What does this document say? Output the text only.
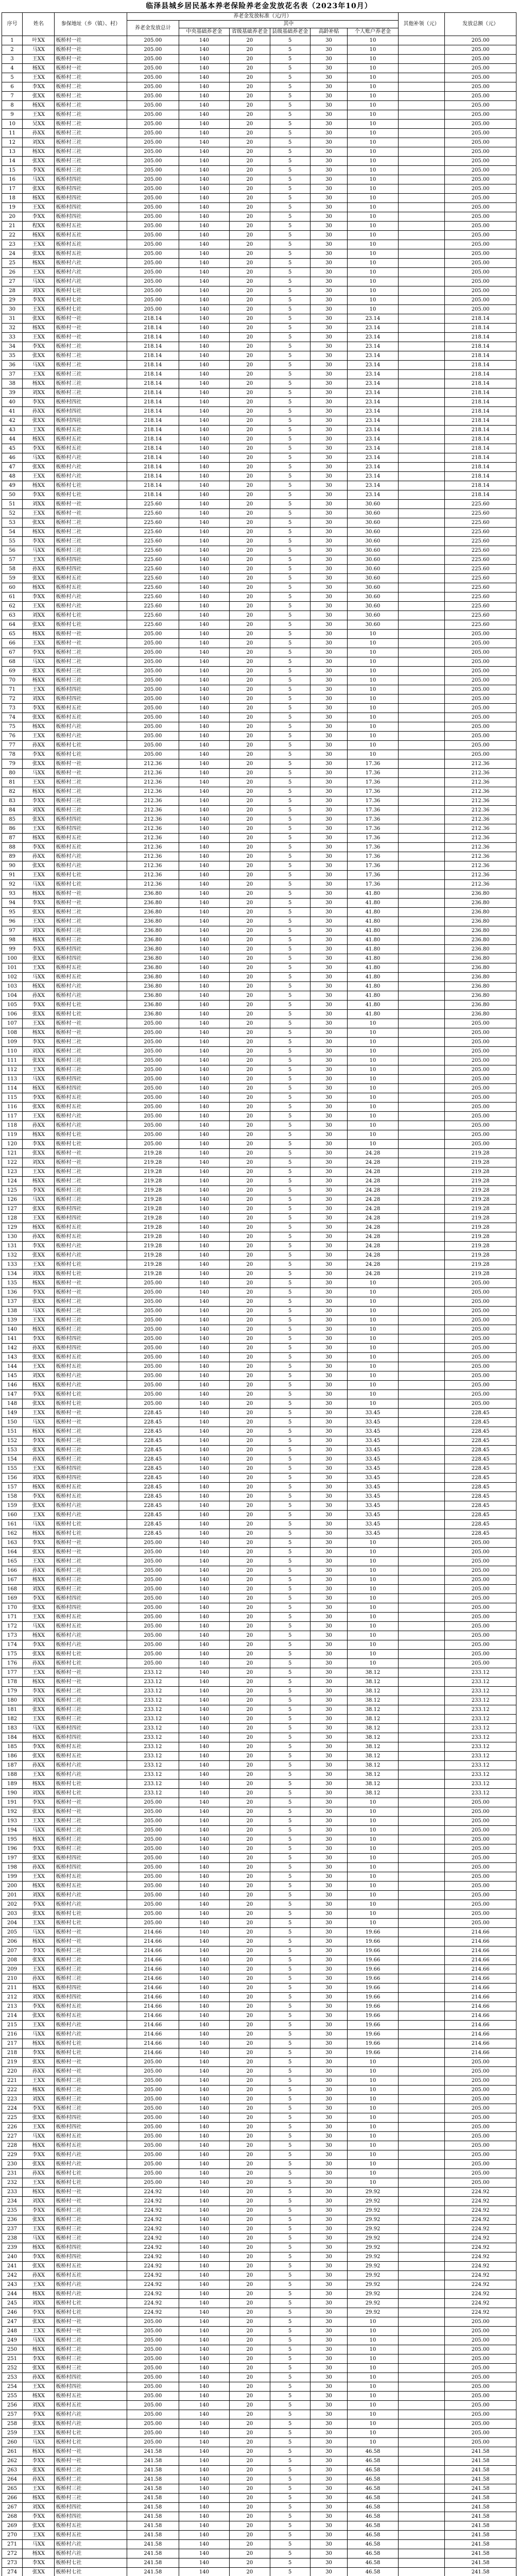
临泽县城乡居民基本养老保险养老金发放花名表（2023年10月）
序号	姓名	参保地址（乡（镇）、村）	养老金发放标准（元/月）						其他补领（元）	发放总额（元）
			养老金发放总计	其中						
				中央基础养老金	省级基础养老金	县级基础养老金	高龄补贴	个人账户养老金		
1	叶XX	板桥村一社	205.00	140	20	5	30	10		205.00
2	马XX	板桥村一社	205.00	140	20	5	30	10		205.00
3	王XX	板桥村一社	205.00	140	20	5	30	10		205.00
4	杨XX	板桥村一社	205.00	140	20	5	30	10		205.00
5	王XX	板桥村二社	205.00	140	20	5	30	10		205.00
6	李XX	板桥村二社	205.00	140	20	5	30	10		205.00
7	张XX	板桥村二社	205.00	140	20	5	30	10		205.00
8	杨XX	板桥村二社	205.00	140	20	5	30	10		205.00
9	王XX	板桥村二社	205.00	140	20	5	30	10		205.00
10	吴XX	板桥村二社	205.00	140	20	5	30	10		205.00
11	孙XX	板桥村三社	205.00	140	20	5	30	10		205.00
12	刘XX	板桥村三社	205.00	140	20	5	30	10		205.00
13	杨XX	板桥村三社	205.00	140	20	5	30	10		205.00
14	张XX	板桥村三社	205.00	140	20	5	30	10		205.00
15	李XX	板桥村三社	205.00	140	20	5	30	10		205.00
16	马XX	板桥村四社	205.00	140	20	5	30	10		205.00
17	张XX	板桥村四社	205.00	140	20	5	30	10		205.00
18	杨XX	板桥村四社	205.00	140	20	5	30	10		205.00
19	王XX	板桥村四社	205.00	140	20	5	30	10		205.00
20	李XX	板桥村四社	205.00	140	20	5	30	10		205.00
21	程XX	板桥村五社	205.00	140	20	5	30	10		205.00
22	杨XX	板桥村五社	205.00	140	20	5	30	10		205.00
23	王XX	板桥村五社	205.00	140	20	5	30	10		205.00
24	张XX	板桥村五社	205.00	140	20	5	30	10		205.00
25	杨XX	板桥村六社	205.00	140	20	5	30	10		205.00
26	王XX	板桥村六社	205.00	140	20	5	30	10		205.00
27	马XX	板桥村六社	205.00	140	20	5	30	10		205.00
28	刘XX	板桥村七社	205.00	140	20	5	30	10		205.00
29	李XX	板桥村七社	205.00	140	20	5	30	10		205.00
30	王XX	板桥村七社	205.00	140	20	5	30	10		205.00
31	张XX	板桥村一社	218.14	140	20	5	30	23.14		218.14
32	杨XX	板桥村一社	218.14	140	20	5	30	23.14		218.14
33	王XX	板桥村一社	218.14	140	20	5	30	23.14		218.14
34	李XX	板桥村二社	218.14	140	20	5	30	23.14		218.14
35	张XX	板桥村二社	218.14	140	20	5	30	23.14		218.14
36	马XX	板桥村二社	218.14	140	20	5	30	23.14		218.14
37	王XX	板桥村三社	218.14	140	20	5	30	23.14		218.14
38	杨XX	板桥村三社	218.14	140	20	5	30	23.14		218.14
39	刘XX	板桥村三社	218.14	140	20	5	30	23.14		218.14
40	李XX	板桥村四社	218.14	140	20	5	30	23.14		218.14
41	孙XX	板桥村四社	218.14	140	20	5	30	23.14		218.14
42	张XX	板桥村四社	218.14	140	20	5	30	23.14		218.14
43	王XX	板桥村五社	218.14	140	20	5	30	23.14		218.14
44	杨XX	板桥村五社	218.14	140	20	5	30	23.14		218.14
45	李XX	板桥村五社	218.14	140	20	5	30	23.14		218.14
46	马XX	板桥村六社	218.14	140	20	5	30	23.14		218.14
47	张XX	板桥村六社	218.14	140	20	5	30	23.14		218.14
48	王XX	板桥村六社	218.14	140	20	5	30	23.14		218.14
49	杨XX	板桥村七社	218.14	140	20	5	30	23.14		218.14
50	李XX	板桥村七社	218.14	140	20	5	30	23.14		218.14
51	刘XX	板桥村一社	225.60	140	20	5	30	30.60		225.60
52	王XX	板桥村一社	225.60	140	20	5	30	30.60		225.60
53	张XX	板桥村二社	225.60	140	20	5	30	30.60		225.60
54	杨XX	板桥村二社	225.60	140	20	5	30	30.60		225.60
55	李XX	板桥村三社	225.60	140	20	5	30	30.60		225.60
56	马XX	板桥村三社	225.60	140	20	5	30	30.60		225.60
57	王XX	板桥村四社	225.60	140	20	5	30	30.60		225.60
58	孙XX	板桥村四社	225.60	140	20	5	30	30.60		225.60
59	张XX	板桥村五社	225.60	140	20	5	30	30.60		225.60
60	杨XX	板桥村五社	225.60	140	20	5	30	30.60		225.60
61	李XX	板桥村六社	225.60	140	20	5	30	30.60		225.60
62	王XX	板桥村六社	225.60	140	20	5	30	30.60		225.60
63	刘XX	板桥村七社	225.60	140	20	5	30	30.60		225.60
64	张XX	板桥村七社	225.60	140	20	5	30	30.60		225.60
65	杨XX	板桥村一社	205.00	140	20	5	30	10		205.00
66	王XX	板桥村一社	205.00	140	20	5	30	10		205.00
67	李XX	板桥村二社	205.00	140	20	5	30	10		205.00
68	马XX	板桥村二社	205.00	140	20	5	30	10		205.00
69	张XX	板桥村三社	205.00	140	20	5	30	10		205.00
70	杨XX	板桥村三社	205.00	140	20	5	30	10		205.00
71	王XX	板桥村四社	205.00	140	20	5	30	10		205.00
72	刘XX	板桥村四社	205.00	140	20	5	30	10		205.00
73	李XX	板桥村五社	205.00	140	20	5	30	10		205.00
74	张XX	板桥村五社	205.00	140	20	5	30	10		205.00
75	杨XX	板桥村六社	205.00	140	20	5	30	10		205.00
76	王XX	板桥村六社	205.00	140	20	5	30	10		205.00
77	孙XX	板桥村七社	205.00	140	20	5	30	10		205.00
78	李XX	板桥村七社	205.00	140	20	5	30	10		205.00
79	张XX	板桥村一社	212.36	140	20	5	30	17.36		212.36
80	马XX	板桥村一社	212.36	140	20	5	30	17.36		212.36
81	王XX	板桥村二社	212.36	140	20	5	30	17.36		212.36
82	杨XX	板桥村二社	212.36	140	20	5	30	17.36		212.36
83	李XX	板桥村三社	212.36	140	20	5	30	17.36		212.36
84	刘XX	板桥村三社	212.36	140	20	5	30	17.36		212.36
85	张XX	板桥村四社	212.36	140	20	5	30	17.36		212.36
86	王XX	板桥村四社	212.36	140	20	5	30	17.36		212.36
87	杨XX	板桥村五社	212.36	140	20	5	30	17.36		212.36
88	李XX	板桥村五社	212.36	140	20	5	30	17.36		212.36
89	孙XX	板桥村六社	212.36	140	20	5	30	17.36		212.36
90	张XX	板桥村六社	212.36	140	20	5	30	17.36		212.36
91	王XX	板桥村七社	212.36	140	20	5	30	17.36		212.36
92	马XX	板桥村七社	212.36	140	20	5	30	17.36		212.36
93	杨XX	板桥村一社	236.80	140	20	5	30	41.80		236.80
94	李XX	板桥村一社	236.80	140	20	5	30	41.80		236.80
95	张XX	板桥村二社	236.80	140	20	5	30	41.80		236.80
96	王XX	板桥村二社	236.80	140	20	5	30	41.80		236.80
97	刘XX	板桥村三社	236.80	140	20	5	30	41.80		236.80
98	杨XX	板桥村三社	236.80	140	20	5	30	41.80		236.80
99	李XX	板桥村四社	236.80	140	20	5	30	41.80		236.80
100	张XX	板桥村四社	236.80	140	20	5	30	41.80		236.80
101	王XX	板桥村五社	236.80	140	20	5	30	41.80		236.80
102	马XX	板桥村五社	236.80	140	20	5	30	41.80		236.80
103	杨XX	板桥村六社	236.80	140	20	5	30	41.80		236.80
104	孙XX	板桥村六社	236.80	140	20	5	30	41.80		236.80
105	李XX	板桥村七社	236.80	140	20	5	30	41.80		236.80
106	张XX	板桥村七社	236.80	140	20	5	30	41.80		236.80
107	王XX	板桥村一社	205.00	140	20	5	30	10		205.00
108	杨XX	板桥村一社	205.00	140	20	5	30	10		205.00
109	李XX	板桥村二社	205.00	140	20	5	30	10		205.00
110	刘XX	板桥村二社	205.00	140	20	5	30	10		205.00
111	张XX	板桥村三社	205.00	140	20	5	30	10		205.00
112	王XX	板桥村三社	205.00	140	20	5	30	10		205.00
113	马XX	板桥村四社	205.00	140	20	5	30	10		205.00
114	杨XX	板桥村四社	205.00	140	20	5	30	10		205.00
115	李XX	板桥村五社	205.00	140	20	5	30	10		205.00
116	张XX	板桥村五社	205.00	140	20	5	30	10		205.00
117	王XX	板桥村六社	205.00	140	20	5	30	10		205.00
118	孙XX	板桥村六社	205.00	140	20	5	30	10		205.00
119	杨XX	板桥村七社	205.00	140	20	5	30	10		205.00
120	李XX	板桥村七社	205.00	140	20	5	30	10		205.00
121	张XX	板桥村一社	219.28	140	20	5	30	24.28		219.28
122	刘XX	板桥村一社	219.28	140	20	5	30	24.28		219.28
123	王XX	板桥村二社	219.28	140	20	5	30	24.28		219.28
124	杨XX	板桥村二社	219.28	140	20	5	30	24.28		219.28
125	李XX	板桥村三社	219.28	140	20	5	30	24.28		219.28
126	马XX	板桥村三社	219.28	140	20	5	30	24.28		219.28
127	张XX	板桥村四社	219.28	140	20	5	30	24.28		219.28
128	王XX	板桥村四社	219.28	140	20	5	30	24.28		219.28
129	杨XX	板桥村五社	219.28	140	20	5	30	24.28		219.28
130	孙XX	板桥村五社	219.28	140	20	5	30	24.28		219.28
131	李XX	板桥村六社	219.28	140	20	5	30	24.28		219.28
132	张XX	板桥村六社	219.28	140	20	5	30	24.28		219.28
133	王XX	板桥村七社	219.28	140	20	5	30	24.28		219.28
134	刘XX	板桥村七社	219.28	140	20	5	30	24.28		219.28
135	杨XX	板桥村一社	205.00	140	20	5	30	10		205.00
136	李XX	板桥村一社	205.00	140	20	5	30	10		205.00
137	张XX	板桥村二社	205.00	140	20	5	30	10		205.00
138	马XX	板桥村二社	205.00	140	20	5	30	10		205.00
139	王XX	板桥村三社	205.00	140	20	5	30	10		205.00
140	杨XX	板桥村三社	205.00	140	20	5	30	10		205.00
141	李XX	板桥村四社	205.00	140	20	5	30	10		205.00
142	孙XX	板桥村四社	205.00	140	20	5	30	10		205.00
143	张XX	板桥村五社	205.00	140	20	5	30	10		205.00
144	王XX	板桥村五社	205.00	140	20	5	30	10		205.00
145	刘XX	板桥村六社	205.00	140	20	5	30	10		205.00
146	杨XX	板桥村六社	205.00	140	20	5	30	10		205.00
147	李XX	板桥村七社	205.00	140	20	5	30	10		205.00
148	张XX	板桥村七社	205.00	140	20	5	30	10		205.00
149	王XX	板桥村一社	228.45	140	20	5	30	33.45		228.45
150	马XX	板桥村一社	228.45	140	20	5	30	33.45		228.45
151	杨XX	板桥村二社	228.45	140	20	5	30	33.45		228.45
152	李XX	板桥村二社	228.45	140	20	5	30	33.45		228.45
153	张XX	板桥村三社	228.45	140	20	5	30	33.45		228.45
154	孙XX	板桥村三社	228.45	140	20	5	30	33.45		228.45
155	王XX	板桥村四社	228.45	140	20	5	30	33.45		228.45
156	刘XX	板桥村四社	228.45	140	20	5	30	33.45		228.45
157	杨XX	板桥村五社	228.45	140	20	5	30	33.45		228.45
158	李XX	板桥村五社	228.45	140	20	5	30	33.45		228.45
159	张XX	板桥村六社	228.45	140	20	5	30	33.45		228.45
160	王XX	板桥村六社	228.45	140	20	5	30	33.45		228.45
161	马XX	板桥村七社	228.45	140	20	5	30	33.45		228.45
162	杨XX	板桥村七社	228.45	140	20	5	30	33.45		228.45
163	李XX	板桥村一社	205.00	140	20	5	30	10		205.00
164	张XX	板桥村一社	205.00	140	20	5	30	10		205.00
165	王XX	板桥村二社	205.00	140	20	5	30	10		205.00
166	孙XX	板桥村二社	205.00	140	20	5	30	10		205.00
167	杨XX	板桥村三社	205.00	140	20	5	30	10		205.00
168	刘XX	板桥村三社	205.00	140	20	5	30	10		205.00
169	李XX	板桥村四社	205.00	140	20	5	30	10		205.00
170	张XX	板桥村四社	205.00	140	20	5	30	10		205.00
171	王XX	板桥村五社	205.00	140	20	5	30	10		205.00
172	马XX	板桥村五社	205.00	140	20	5	30	10		205.00
173	杨XX	板桥村六社	205.00	140	20	5	30	10		205.00
174	李XX	板桥村六社	205.00	140	20	5	30	10		205.00
175	张XX	板桥村七社	205.00	140	20	5	30	10		205.00
176	孙XX	板桥村七社	205.00	140	20	5	30	10		205.00
177	王XX	板桥村一社	233.12	140	20	5	30	38.12		233.12
178	杨XX	板桥村一社	233.12	140	20	5	30	38.12		233.12
179	李XX	板桥村二社	233.12	140	20	5	30	38.12		233.12
180	刘XX	板桥村二社	233.12	140	20	5	30	38.12		233.12
181	张XX	板桥村三社	233.12	140	20	5	30	38.12		233.12
182	王XX	板桥村三社	233.12	140	20	5	30	38.12		233.12
183	马XX	板桥村四社	233.12	140	20	5	30	38.12		233.12
184	杨XX	板桥村四社	233.12	140	20	5	30	38.12		233.12
185	李XX	板桥村五社	233.12	140	20	5	30	38.12		233.12
186	张XX	板桥村五社	233.12	140	20	5	30	38.12		233.12
187	孙XX	板桥村六社	233.12	140	20	5	30	38.12		233.12
188	王XX	板桥村六社	233.12	140	20	5	30	38.12		233.12
189	杨XX	板桥村七社	233.12	140	20	5	30	38.12		233.12
190	刘XX	板桥村七社	233.12	140	20	5	30	38.12		233.12
191	李XX	板桥村一社	205.00	140	20	5	30	10		205.00
192	张XX	板桥村一社	205.00	140	20	5	30	10		205.00
193	王XX	板桥村二社	205.00	140	20	5	30	10		205.00
194	马XX	板桥村二社	205.00	140	20	5	30	10		205.00
195	杨XX	板桥村三社	205.00	140	20	5	30	10		205.00
196	李XX	板桥村三社	205.00	140	20	5	30	10		205.00
197	张XX	板桥村四社	205.00	140	20	5	30	10		205.00
198	孙XX	板桥村四社	205.00	140	20	5	30	10		205.00
199	王XX	板桥村五社	205.00	140	20	5	30	10		205.00
200	杨XX	板桥村五社	205.00	140	20	5	30	10		205.00
201	刘XX	板桥村六社	205.00	140	20	5	30	10		205.00
202	李XX	板桥村六社	205.00	140	20	5	30	10		205.00
203	张XX	板桥村七社	205.00	140	20	5	30	10		205.00
204	王XX	板桥村七社	205.00	140	20	5	30	10		205.00
205	马XX	板桥村一社	214.66	140	20	5	30	19.66		214.66
206	杨XX	板桥村一社	214.66	140	20	5	30	19.66		214.66
207	李XX	板桥村二社	214.66	140	20	5	30	19.66		214.66
208	张XX	板桥村二社	214.66	140	20	5	30	19.66		214.66
209	王XX	板桥村三社	214.66	140	20	5	30	19.66		214.66
210	孙XX	板桥村三社	214.66	140	20	5	30	19.66		214.66
211	杨XX	板桥村四社	214.66	140	20	5	30	19.66		214.66
212	刘XX	板桥村四社	214.66	140	20	5	30	19.66		214.66
213	李XX	板桥村五社	214.66	140	20	5	30	19.66		214.66
214	张XX	板桥村五社	214.66	140	20	5	30	19.66		214.66
215	王XX	板桥村六社	214.66	140	20	5	30	19.66		214.66
216	马XX	板桥村六社	214.66	140	20	5	30	19.66		214.66
217	杨XX	板桥村七社	214.66	140	20	5	30	19.66		214.66
218	李XX	板桥村七社	214.66	140	20	5	30	19.66		214.66
219	张XX	板桥村一社	205.00	140	20	5	30	10		205.00
220	孙XX	板桥村一社	205.00	140	20	5	30	10		205.00
221	王XX	板桥村二社	205.00	140	20	5	30	10		205.00
222	杨XX	板桥村二社	205.00	140	20	5	30	10		205.00
223	刘XX	板桥村三社	205.00	140	20	5	30	10		205.00
224	李XX	板桥村三社	205.00	140	20	5	30	10		205.00
225	张XX	板桥村四社	205.00	140	20	5	30	10		205.00
226	王XX	板桥村四社	205.00	140	20	5	30	10		205.00
227	马XX	板桥村五社	205.00	140	20	5	30	10		205.00
228	杨XX	板桥村五社	205.00	140	20	5	30	10		205.00
229	李XX	板桥村六社	205.00	140	20	5	30	10		205.00
230	张XX	板桥村六社	205.00	140	20	5	30	10		205.00
231	孙XX	板桥村七社	205.00	140	20	5	30	10		205.00
232	王XX	板桥村七社	205.00	140	20	5	30	10		205.00
233	杨XX	板桥村一社	224.92	140	20	5	30	29.92		224.92
234	刘XX	板桥村一社	224.92	140	20	5	30	29.92		224.92
235	李XX	板桥村二社	224.92	140	20	5	30	29.92		224.92
236	张XX	板桥村二社	224.92	140	20	5	30	29.92		224.92
237	王XX	板桥村三社	224.92	140	20	5	30	29.92		224.92
238	马XX	板桥村三社	224.92	140	20	5	30	29.92		224.92
239	杨XX	板桥村四社	224.92	140	20	5	30	29.92		224.92
240	李XX	板桥村四社	224.92	140	20	5	30	29.92		224.92
241	张XX	板桥村五社	224.92	140	20	5	30	29.92		224.92
242	孙XX	板桥村五社	224.92	140	20	5	30	29.92		224.92
243	王XX	板桥村六社	224.92	140	20	5	30	29.92		224.92
244	杨XX	板桥村六社	224.92	140	20	5	30	29.92		224.92
245	刘XX	板桥村七社	224.92	140	20	5	30	29.92		224.92
246	李XX	板桥村七社	224.92	140	20	5	30	29.92		224.92
247	张XX	板桥村一社	205.00	140	20	5	30	10		205.00
248	王XX	板桥村一社	205.00	140	20	5	30	10		205.00
249	马XX	板桥村二社	205.00	140	20	5	30	10		205.00
250	杨XX	板桥村二社	205.00	140	20	5	30	10		205.00
251	李XX	板桥村三社	205.00	140	20	5	30	10		205.00
252	张XX	板桥村三社	205.00	140	20	5	30	10		205.00
253	孙XX	板桥村四社	205.00	140	20	5	30	10		205.00
254	王XX	板桥村四社	205.00	140	20	5	30	10		205.00
255	杨XX	板桥村五社	205.00	140	20	5	30	10		205.00
256	刘XX	板桥村五社	205.00	140	20	5	30	10		205.00
257	李XX	板桥村六社	205.00	140	20	5	30	10		205.00
258	张XX	板桥村六社	205.00	140	20	5	30	10		205.00
259	王XX	板桥村七社	205.00	140	20	5	30	10		205.00
260	马XX	板桥村七社	205.00	140	20	5	30	10		205.00
261	杨XX	板桥村一社	241.58	140	20	5	30	46.58		241.58
262	李XX	板桥村一社	241.58	140	20	5	30	46.58		241.58
263	张XX	板桥村二社	241.58	140	20	5	30	46.58		241.58
264	孙XX	板桥村二社	241.58	140	20	5	30	46.58		241.58
265	王XX	板桥村三社	241.58	140	20	5	30	46.58		241.58
266	杨XX	板桥村三社	241.58	140	20	5	30	46.58		241.58
267	刘XX	板桥村四社	241.58	140	20	5	30	46.58		241.58
268	李XX	板桥村四社	241.58	140	20	5	30	46.58		241.58
269	张XX	板桥村五社	241.58	140	20	5	30	46.58		241.58
270	王XX	板桥村五社	241.58	140	20	5	30	46.58		241.58
271	马XX	板桥村六社	241.58	140	20	5	30	46.58		241.58
272	杨XX	板桥村六社	241.58	140	20	5	30	46.58		241.58
273	李XX	板桥村七社	241.58	140	20	5	30	46.58		241.58
274	张XX	板桥村七社	241.58	140	20	5	30	46.58		241.58
